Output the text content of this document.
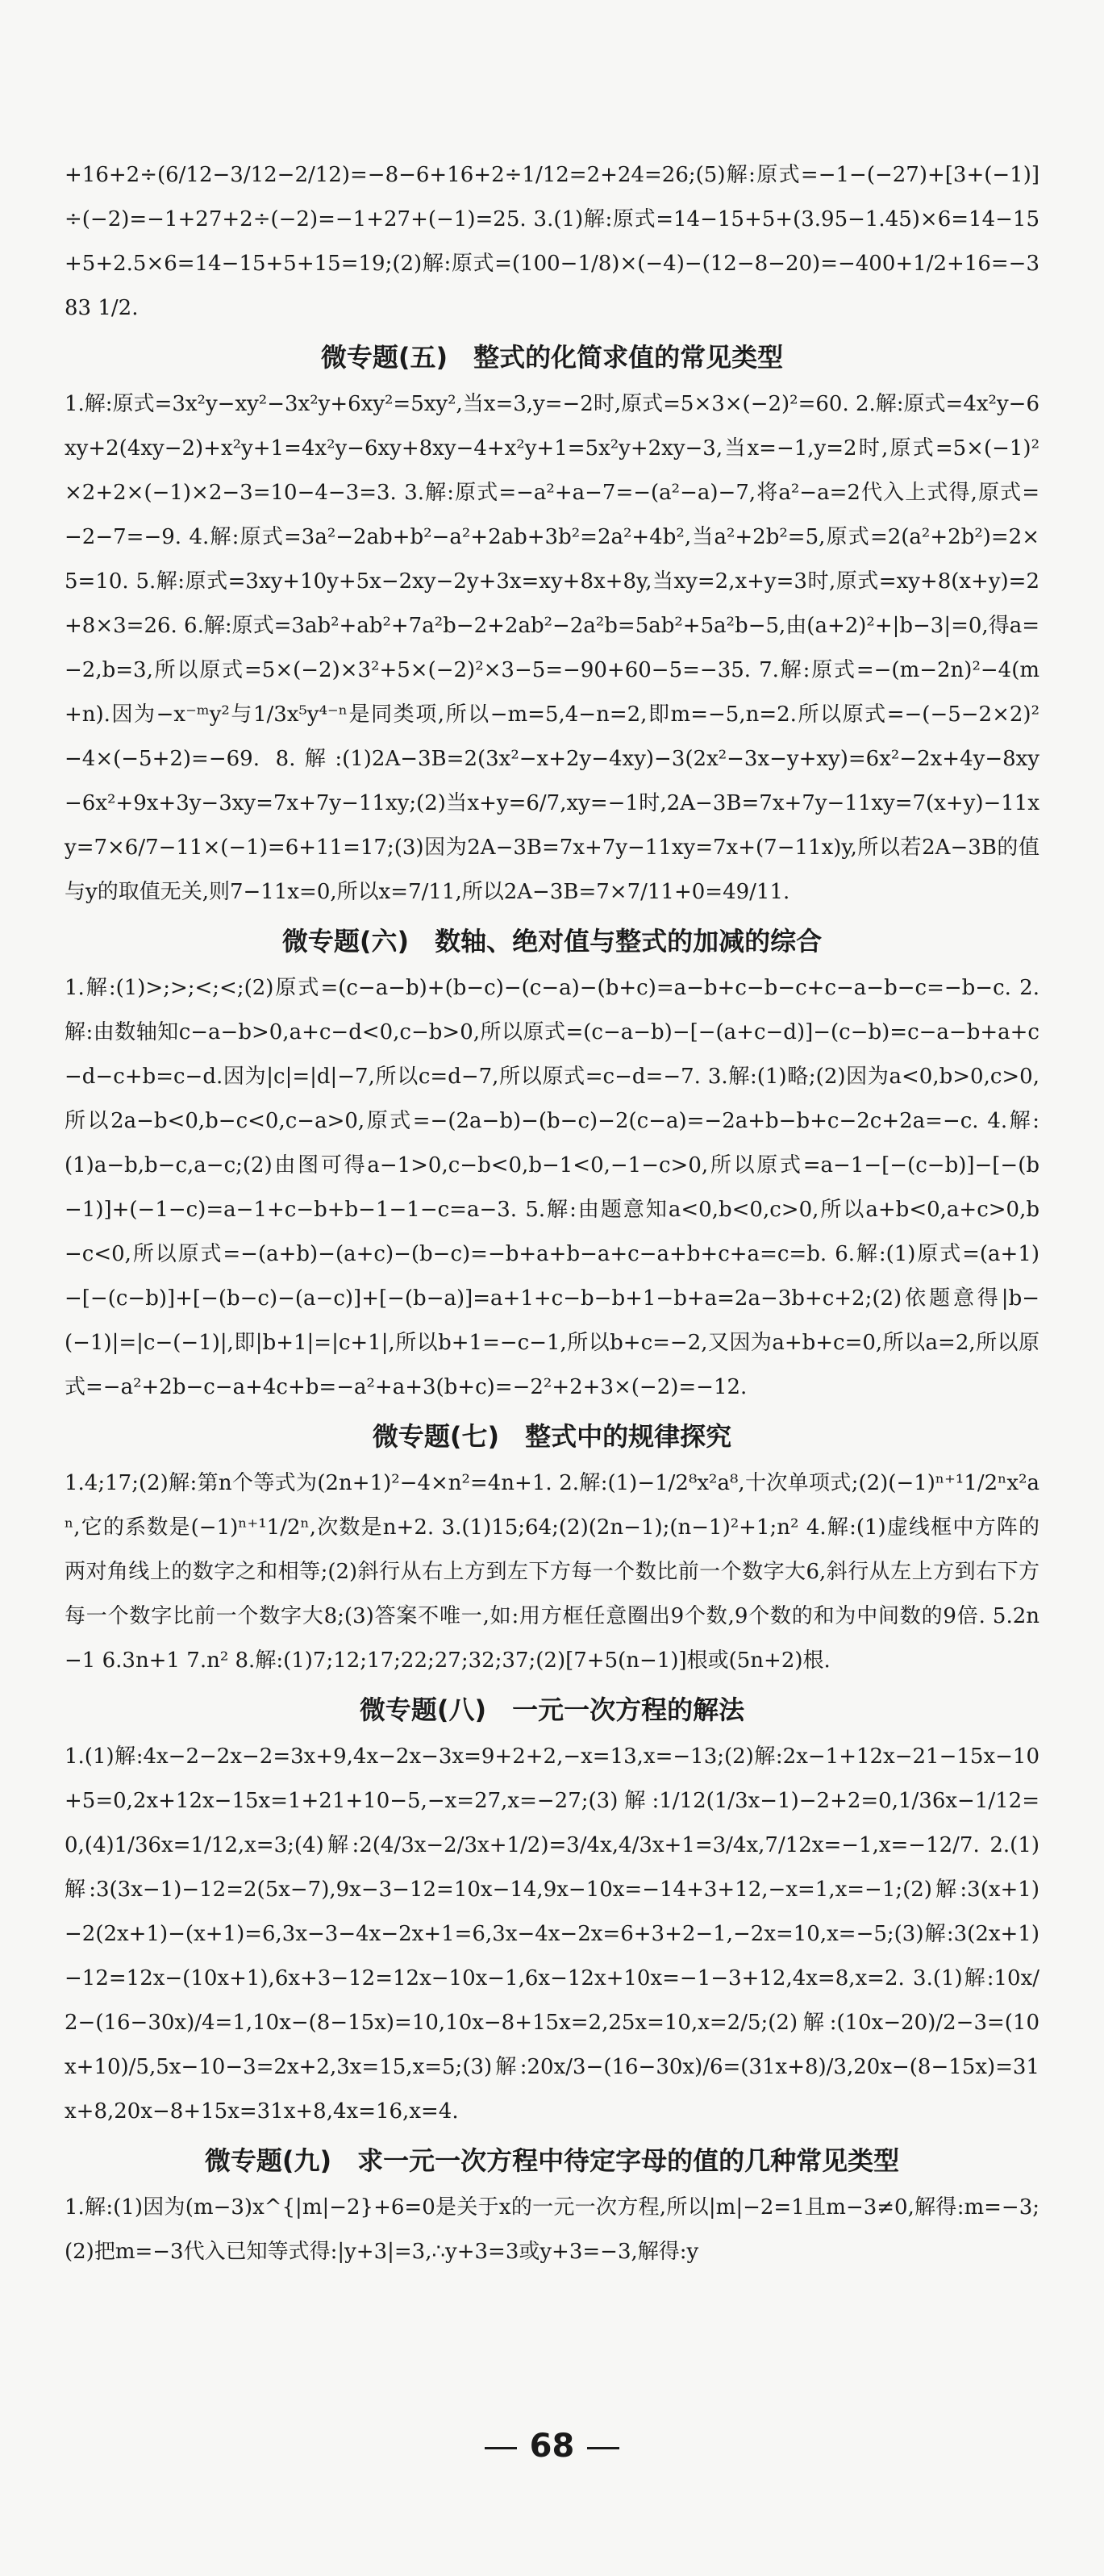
+16+2÷(6/12−3/12−2/12)=−8−6+16+2÷1/12=2+24=26;(5)解:原式=−1−(−27)+[3+(−1)]÷(−2)=−1+27+2÷(−2)=−1+27+(−1)=25. 3.(1)解:原式=14−15+5+(3.95−1.45)×6=14−15+5+2.5×6=14−15+5+15=19;(2)解:原式=(100−1/8)×(−4)−(12−8−20)=−400+1/2+16=−383 1/2.

微专题(五)　整式的化简求值的常见类型

1.解:原式=3x²y−xy²−3x²y+6xy²=5xy²,当x=3,y=−2时,原式=5×3×(−2)²=60. 2.解:原式=4x²y−6xy+2(4xy−2)+x²y+1=4x²y−6xy+8xy−4+x²y+1=5x²y+2xy−3,当x=−1,y=2时,原式=5×(−1)²×2+2×(−1)×2−3=10−4−3=3. 3.解:原式=−a²+a−7=−(a²−a)−7,将a²−a=2代入上式得,原式=−2−7=−9. 4.解:原式=3a²−2ab+b²−a²+2ab+3b²=2a²+4b²,当a²+2b²=5,原式=2(a²+2b²)=2×5=10. 5.解:原式=3xy+10y+5x−2xy−2y+3x=xy+8x+8y,当xy=2,x+y=3时,原式=xy+8(x+y)=2+8×3=26. 6.解:原式=3ab²+ab²+7a²b−2+2ab²−2a²b=5ab²+5a²b−5,由(a+2)²+|b−3|=0,得a=−2,b=3,所以原式=5×(−2)×3²+5×(−2)²×3−5=−90+60−5=−35. 7.解:原式=−(m−2n)²−4(m+n).因为−x⁻ᵐy²与1/3x⁵y⁴⁻ⁿ是同类项,所以−m=5,4−n=2,即m=−5,n=2.所以原式=−(−5−2×2)²−4×(−5+2)=−69. 8.解:(1)2A−3B=2(3x²−x+2y−4xy)−3(2x²−3x−y+xy)=6x²−2x+4y−8xy−6x²+9x+3y−3xy=7x+7y−11xy;(2)当x+y=6/7,xy=−1时,2A−3B=7x+7y−11xy=7(x+y)−11xy=7×6/7−11×(−1)=6+11=17;(3)因为2A−3B=7x+7y−11xy=7x+(7−11x)y,所以若2A−3B的值与y的取值无关,则7−11x=0,所以x=7/11,所以2A−3B=7×7/11+0=49/11.

微专题(六)　数轴、绝对值与整式的加减的综合

1.解:(1)>;>;<;<;(2)原式=(c−a−b)+(b−c)−(c−a)−(b+c)=a−b+c−b−c+c−a−b−c=−b−c. 2.解:由数轴知c−a−b>0,a+c−d<0,c−b>0,所以原式=(c−a−b)−[−(a+c−d)]−(c−b)=c−a−b+a+c−d−c+b=c−d.因为|c|=|d|−7,所以c=d−7,所以原式=c−d=−7. 3.解:(1)略;(2)因为a<0,b>0,c>0,所以2a−b<0,b−c<0,c−a>0,原式=−(2a−b)−(b−c)−2(c−a)=−2a+b−b+c−2c+2a=−c. 4.解:(1)a−b,b−c,a−c;(2)由图可得a−1>0,c−b<0,b−1<0,−1−c>0,所以原式=a−1−[−(c−b)]−[−(b−1)]+(−1−c)=a−1+c−b+b−1−1−c=a−3. 5.解:由题意知a<0,b<0,c>0,所以a+b<0,a+c>0,b−c<0,所以原式=−(a+b)−(a+c)−(b−c)=−b+a+b−a+c−a+b+c+a=c=b. 6.解:(1)原式=(a+1)−[−(c−b)]+[−(b−c)−(a−c)]+[−(b−a)]=a+1+c−b−b+1−b+a=2a−3b+c+2;(2)依题意得|b−(−1)|=|c−(−1)|,即|b+1|=|c+1|,所以b+1=−c−1,所以b+c=−2,又因为a+b+c=0,所以a=2,所以原式=−a²+2b−c−a+4c+b=−a²+a+3(b+c)=−2²+2+3×(−2)=−12.

微专题(七)　整式中的规律探究

1.4;17;(2)解:第n个等式为(2n+1)²−4×n²=4n+1. 2.解:(1)−1/2⁸x²a⁸,十次单项式;(2)(−1)ⁿ⁺¹1/2ⁿx²aⁿ,它的系数是(−1)ⁿ⁺¹1/2ⁿ,次数是n+2. 3.(1)15;64;(2)(2n−1);(n−1)²+1;n² 4.解:(1)虚线框中方阵的两对角线上的数字之和相等;(2)斜行从右上方到左下方每一个数比前一个数字大6,斜行从左上方到右下方每一个数字比前一个数字大8;(3)答案不唯一,如:用方框任意圈出9个数,9个数的和为中间数的9倍. 5.2n−1 6.3n+1 7.n² 8.解:(1)7;12;17;22;27;32;37;(2)[7+5(n−1)]根或(5n+2)根.

微专题(八)　一元一次方程的解法

1.(1)解:4x−2−2x−2=3x+9,4x−2x−3x=9+2+2,−x=13,x=−13;(2)解:2x−1+12x−21−15x−10+5=0,2x+12x−15x=1+21+10−5,−x=27,x=−27;(3)解:1/12(1/3x−1)−2+2=0,1/36x−1/12=0,(4)1/36x=1/12,x=3;(4)解:2(4/3x−2/3x+1/2)=3/4x,4/3x+1=3/4x,7/12x=−1,x=−12/7. 2.(1)解:3(3x−1)−12=2(5x−7),9x−3−12=10x−14,9x−10x=−14+3+12,−x=1,x=−1;(2)解:3(x+1)−2(2x+1)−(x+1)=6,3x−3−4x−2x+1=6,3x−4x−2x=6+3+2−1,−2x=10,x=−5;(3)解:3(2x+1)−12=12x−(10x+1),6x+3−12=12x−10x−1,6x−12x+10x=−1−3+12,4x=8,x=2. 3.(1)解:10x/2−(16−30x)/4=1,10x−(8−15x)=10,10x−8+15x=2,25x=10,x=2/5;(2)解:(10x−20)/2−3=(10x+10)/5,5x−10−3=2x+2,3x=15,x=5;(3)解:20x/3−(16−30x)/6=(31x+8)/3,20x−(8−15x)=31x+8,20x−8+15x=31x+8,4x=16,x=4.

微专题(九)　求一元一次方程中待定字母的值的几种常见类型

1.解:(1)因为(m−3)x^{|m|−2}+6=0是关于x的一元一次方程,所以|m|−2=1且m−3≠0,解得:m=−3;(2)把m=−3代入已知等式得:|y+3|=3,∴y+3=3或y+3=−3,解得:y

68
